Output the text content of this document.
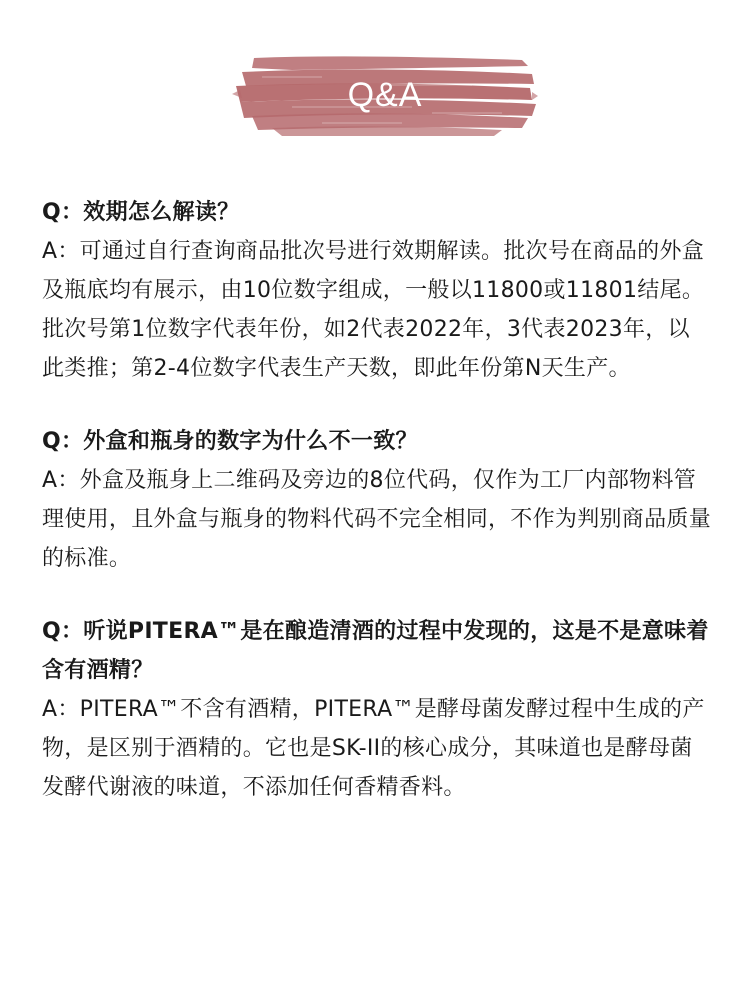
Q&A

Q：效期怎么解读？

A：可通过自行查询商品批次号进行效期解读。批次号在商品的外盒及瓶底均有展示，由10位数字组成，一般以11800或11801结尾。

批次号第1位数字代表年份，如2代表2022年，3代表2023年，以此类推；第2-4位数字代表生产天数，即此年份第N天生产。

Q：外盒和瓶身的数字为什么不一致？

A：外盒及瓶身上二维码及旁边的8位代码，仅作为工厂内部物料管理使用，且外盒与瓶身的物料代码不完全相同，不作为判别商品质量的标准。

Q：听说PITERA™是在酿造清酒的过程中发现的，这是不是意味着含有酒精？

A：PITERA™不含有酒精，PITERA™是酵母菌发酵过程中生成的产物，是区别于酒精的。它也是SK-II的核心成分，其味道也是酵母菌发酵代谢液的味道，不添加任何香精香料。
